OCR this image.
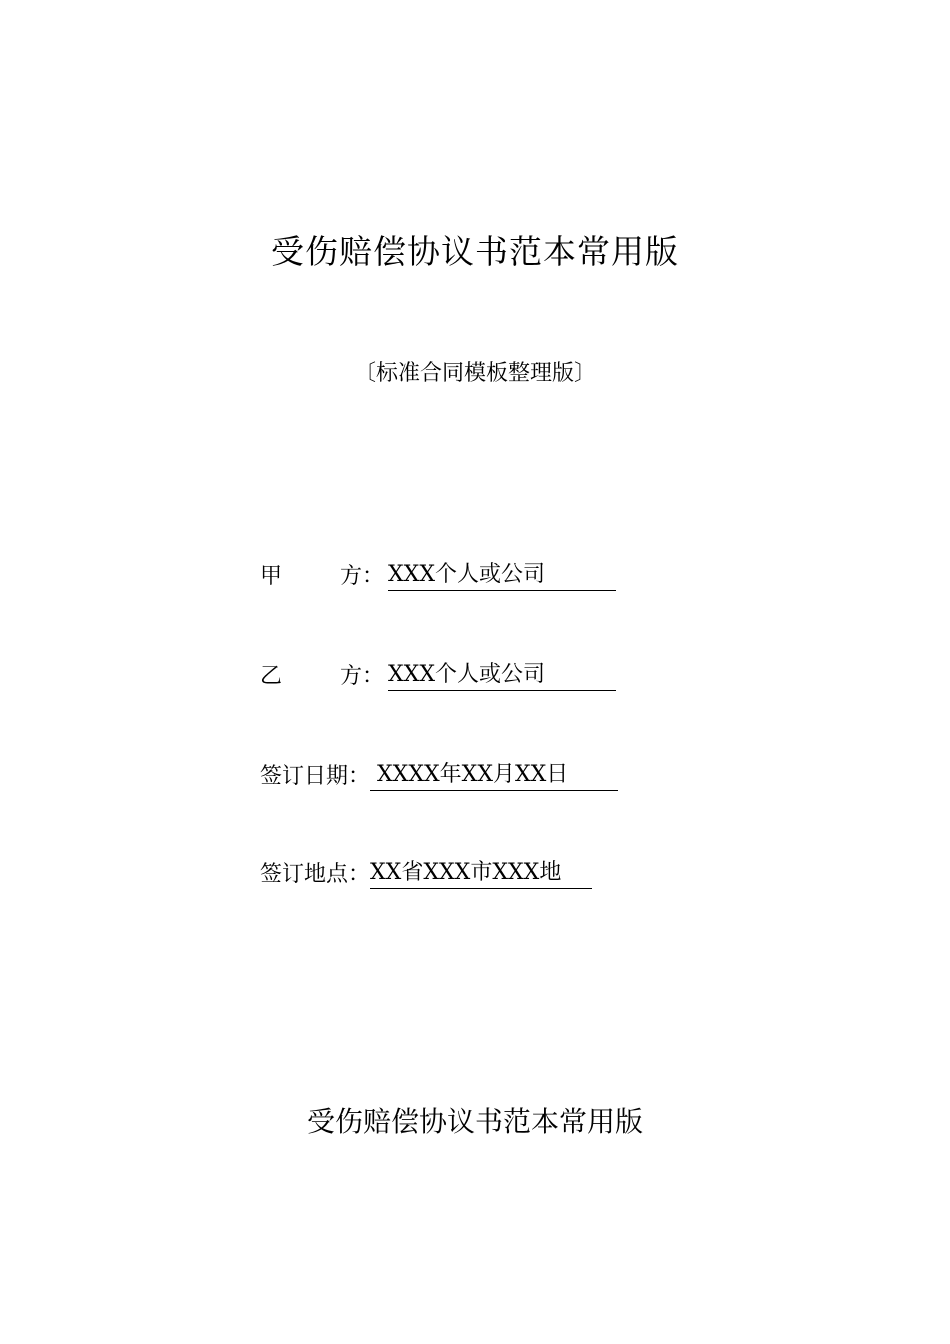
受伤赔偿协议书范本常用版
〔标准合同模板整理版〕
甲	方： XXX个人或公司
乙	方： XXX个人或公司
签订日期： XXXX年XX月XX日
签订地点：XX省XXX市XXX地
受伤赔偿协议书范本常用版
